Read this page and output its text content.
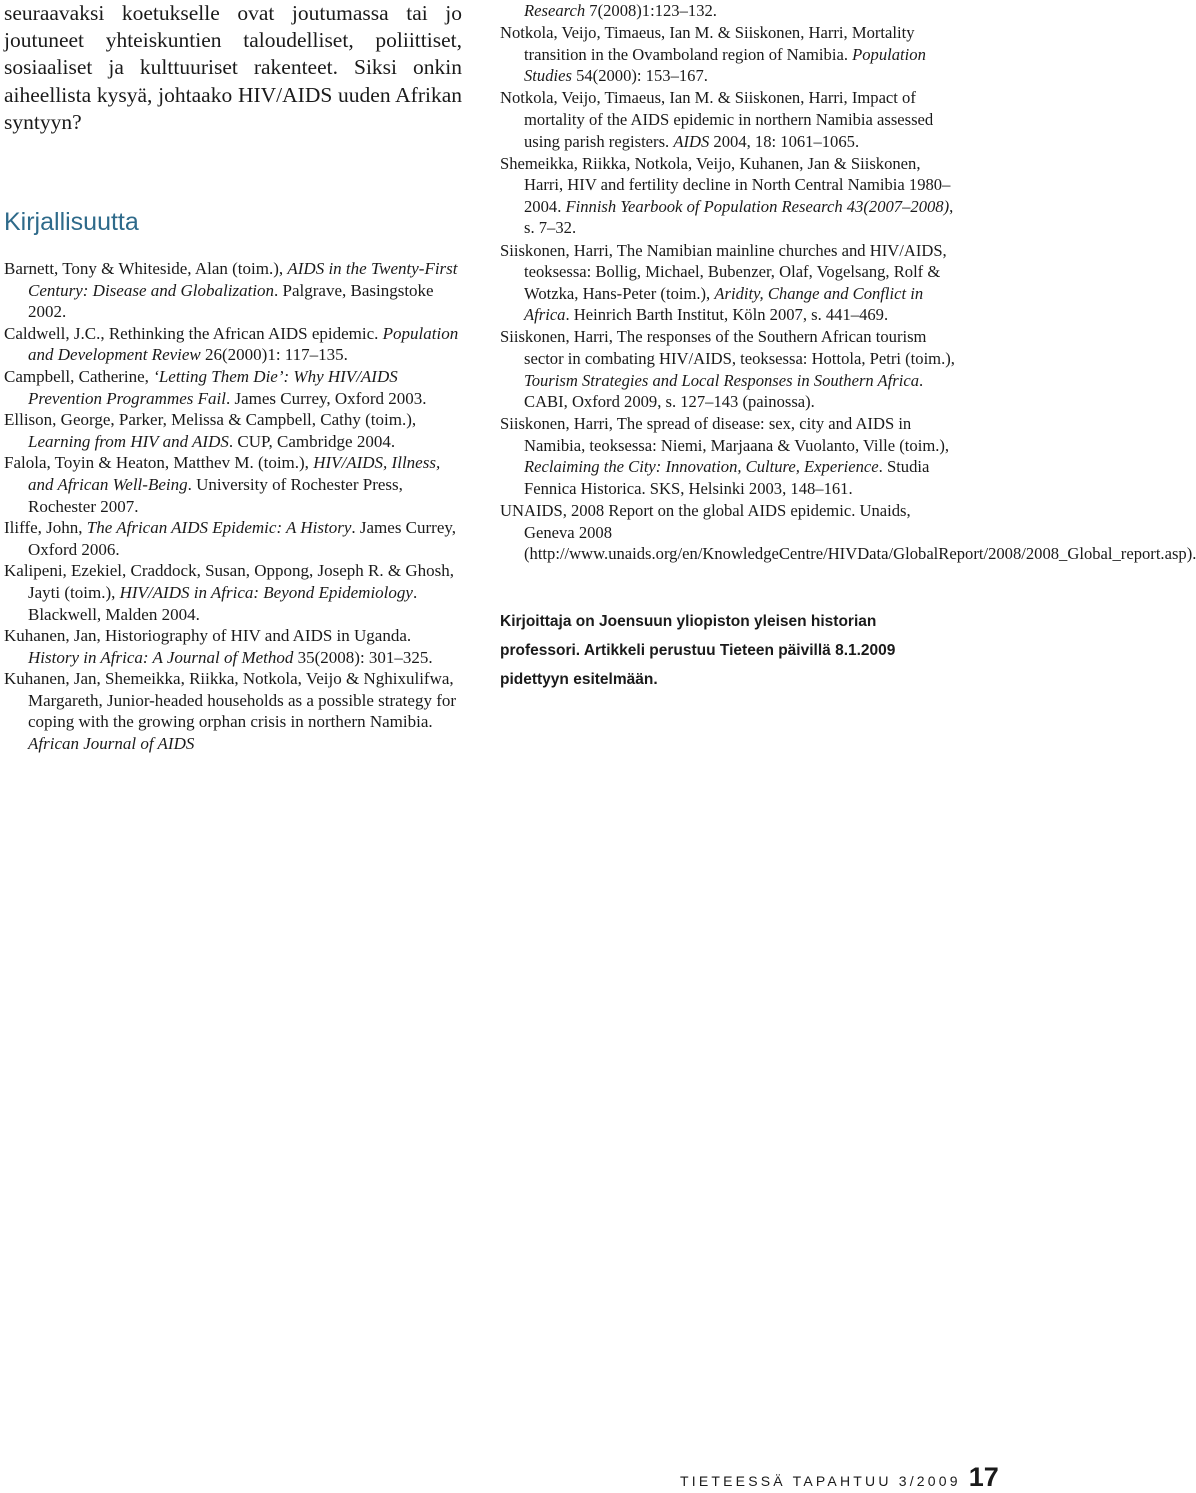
seuraavaksi koetukselle ovat joutumassa tai jo joutuneet yhteiskuntien taloudelliset, poliittiset, sosiaaliset ja kulttuuriset rakenteet. Siksi onkin aiheellista kysyä, johtaako HIV/AIDS uuden Afrikan syntyyn?

Kirjallisuutta
Barnett, Tony & Whiteside, Alan (toim.), AIDS in the Twenty-First Century: Disease and Globalization. Palgrave, Basingstoke 2002.
Caldwell, J.C., Rethinking the African AIDS epidemic. Population and Development Review 26(2000)1: 117–135.
Campbell, Catherine, ‘Letting Them Die’: Why HIV/AIDS Prevention Programmes Fail. James Currey, Oxford 2003.
Ellison, George, Parker, Melissa & Campbell, Cathy (toim.), Learning from HIV and AIDS. CUP, Cambridge 2004.
Falola, Toyin & Heaton, Matthev M. (toim.), HIV/AIDS, Illness, and African Well-Being. University of Rochester Press, Rochester 2007.
Iliffe, John, The African AIDS Epidemic: A History. James Currey, Oxford 2006.
Kalipeni, Ezekiel, Craddock, Susan, Oppong, Joseph R. & Ghosh, Jayti (toim.), HIV/AIDS in Africa: Beyond Epidemiology. Blackwell, Malden 2004.
Kuhanen, Jan, Historiography of HIV and AIDS in Uganda. History in Africa: A Journal of Method 35(2008): 301–325.
Kuhanen, Jan, Shemeikka, Riikka, Notkola, Veijo & Nghixulifwa, Margareth, Junior-headed households as a possible strategy for coping with the growing orphan crisis in northern Namibia. African Journal of AIDS
Research 7(2008)1:123–132.
Notkola, Veijo, Timaeus, Ian M. & Siiskonen, Harri, Mortality transition in the Ovamboland region of Namibia. Population Studies 54(2000): 153–167.
Notkola, Veijo, Timaeus, Ian M. & Siiskonen, Harri, Impact of mortality of the AIDS epidemic in northern Namibia assessed using parish registers. AIDS 2004, 18: 1061–1065.
Shemeikka, Riikka, Notkola, Veijo, Kuhanen, Jan & Siiskonen, Harri, HIV and fertility decline in North Central Namibia 1980–2004. Finnish Yearbook of Population Research 43(2007–2008), s. 7–32.
Siiskonen, Harri, The Namibian mainline churches and HIV/AIDS, teoksessa: Bollig, Michael, Bubenzer, Olaf, Vogelsang, Rolf & Wotzka, Hans-Peter (toim.), Aridity, Change and Conflict in Africa. Heinrich Barth Institut, Köln 2007, s. 441–469.
Siiskonen, Harri, The responses of the Southern African tourism sector in combating HIV/AIDS, teoksessa: Hottola, Petri (toim.), Tourism Strategies and Local Responses in Southern Africa. CABI, Oxford 2009, s. 127–143 (painossa).
Siiskonen, Harri, The spread of disease: sex, city and AIDS in Namibia, teoksessa: Niemi, Marjaana & Vuolanto, Ville (toim.), Reclaiming the City: Innovation, Culture, Experience. Studia Fennica Historica. SKS, Helsinki 2003, 148–161.
UNAIDS, 2008 Report on the global AIDS epidemic. Unaids, Geneva 2008 (http://www.unaids.org/en/KnowledgeCentre/HIVData/GlobalReport/2008/2008_Global_report.asp).

Kirjoittaja on Joensuun yliopiston yleisen historian professori. Artikkeli perustuu Tieteen päivillä 8.1.2009 pidettyyn esitelmään.

TIETEESSÄ TAPAHTUU 3/2009 17
